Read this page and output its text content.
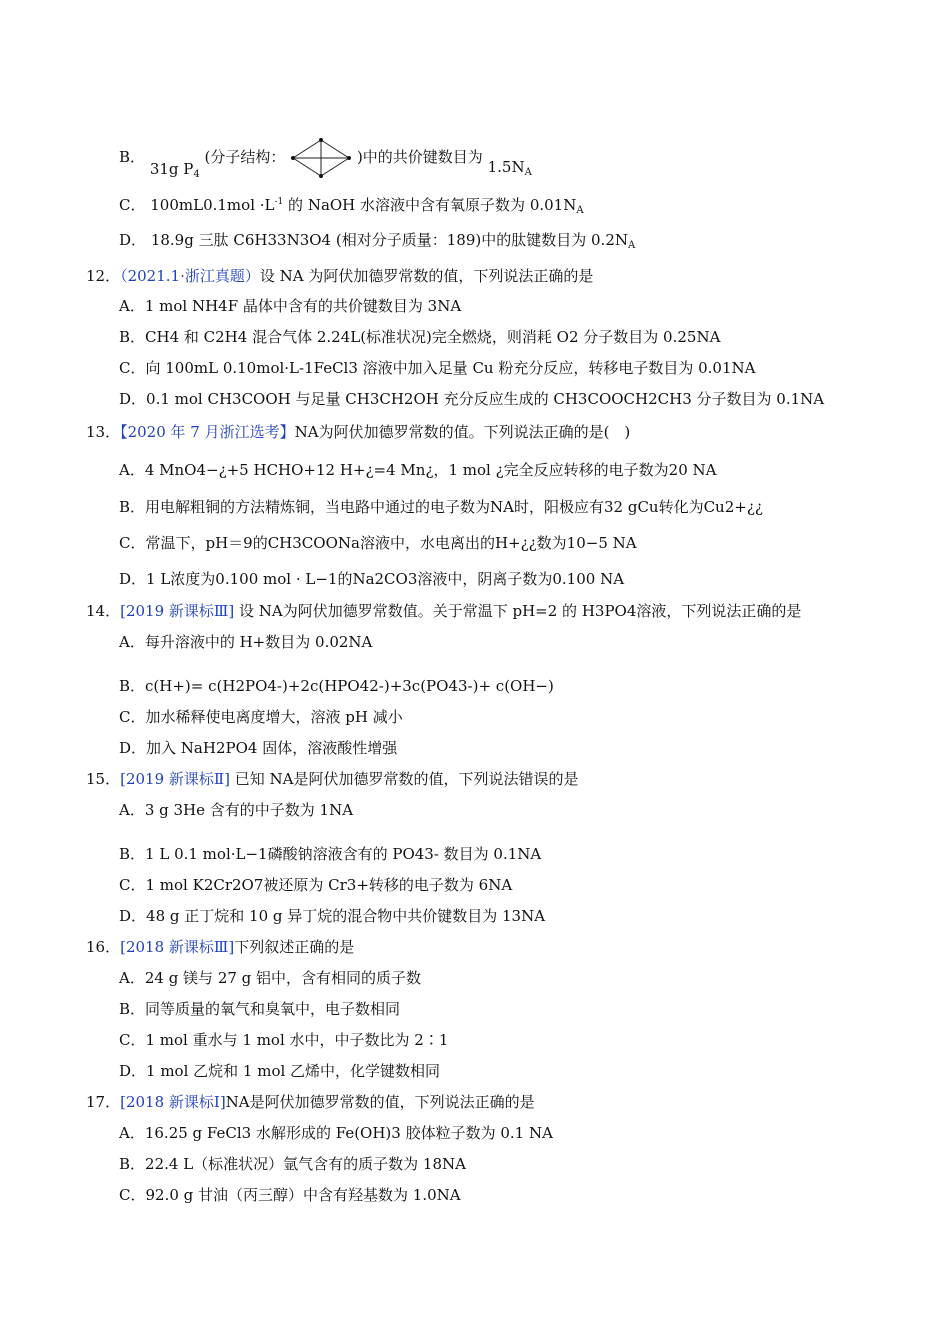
B． 31g $P_4$ (分子结构：	)中的共价键数目为 $1.5N_A$
C． $100mL0.1mol \cdot L^{-1}$ 的 NaOH 水溶液中含有氧原子数为 $0.01N_A$
D． 18.9g 三肽 C6H33N3O4 (相对分子质量：189)中的肽键数目为 $0.2N_A$
12．（2021.1·浙江真题）设 NA 为阿伏加德罗常数的值，下列说法正确的是
A．1 mol NH4F 晶体中含有的共价键数目为 3NA
B．CH4 和 C2H4 混合气体 2.24L(标准状况)完全燃烧，则消耗 O2 分子数目为 0.25NA
C．向 100mL 0.10mol·L-1FeCl3 溶液中加入足量 Cu 粉充分反应，转移电子数目为 0.01NA
D．0.1 mol CH3COOH 与足量 CH3CH2OH 充分反应生成的 CH3COOCH2CH3 分子数目为 0.1NA
13．【2020 年 7 月浙江选考】NA为阿伏加德罗常数的值。下列说法正确的是(　)
A．4 MnO4−¿+5 HCHO+12 H+¿=4 Mn¿，1 mol ¿完全反应转移的电子数为20 NA
B．用电解粗铜的方法精炼铜，当电路中通过的电子数为NA时，阳极应有32 gCu转化为Cu2+¿¿
C．常温下，pH＝9的CH3COONa溶液中，水电离出的H+¿¿数为10−5 NA
D．1 L浓度为0.100 mol · L−1的Na2CO3溶液中，阴离子数为0.100 NA
14．[2019 新课标Ⅲ] 设 NA为阿伏加德罗常数值。关于常温下 pH=2 的 H3PO4溶液，下列说法正确的是
A．每升溶液中的 H+数目为 0.02NA
B．c(H+)= c(H2PO4-)+2c(HPO42-)+3c(PO43-)+ c(OH−)
C．加水稀释使电离度增大，溶液 pH 减小
D．加入 NaH2PO4 固体，溶液酸性增强
15．[2019 新课标Ⅱ] 已知 NA是阿伏加德罗常数的值，下列说法错误的是
A．3 g 3He 含有的中子数为 1NA
B．1 L 0.1 mol·L−1磷酸钠溶液含有的 PO43- 数目为 0.1NA
C．1 mol K2Cr2O7被还原为 Cr3+转移的电子数为 6NA
D．48 g 正丁烷和 10 g 异丁烷的混合物中共价键数目为 13NA
16．[2018 新课标Ⅲ]下列叙述正确的是
A．24 g 镁与 27 g 铝中，含有相同的质子数
B．同等质量的氧气和臭氧中，电子数相同
C．1 mol 重水与 1 mol 水中，中子数比为 2∶1
D．1 mol 乙烷和 1 mol 乙烯中，化学键数相同
17．[2018 新课标Ⅰ]NA是阿伏加德罗常数的值，下列说法正确的是
A．16.25 g FeCl3 水解形成的 Fe(OH)3 胶体粒子数为 0.1 NA
B．22.4 L（标准状况）氩气含有的质子数为 18NA
C．92.0 g 甘油（丙三醇）中含有羟基数为 1.0NA
